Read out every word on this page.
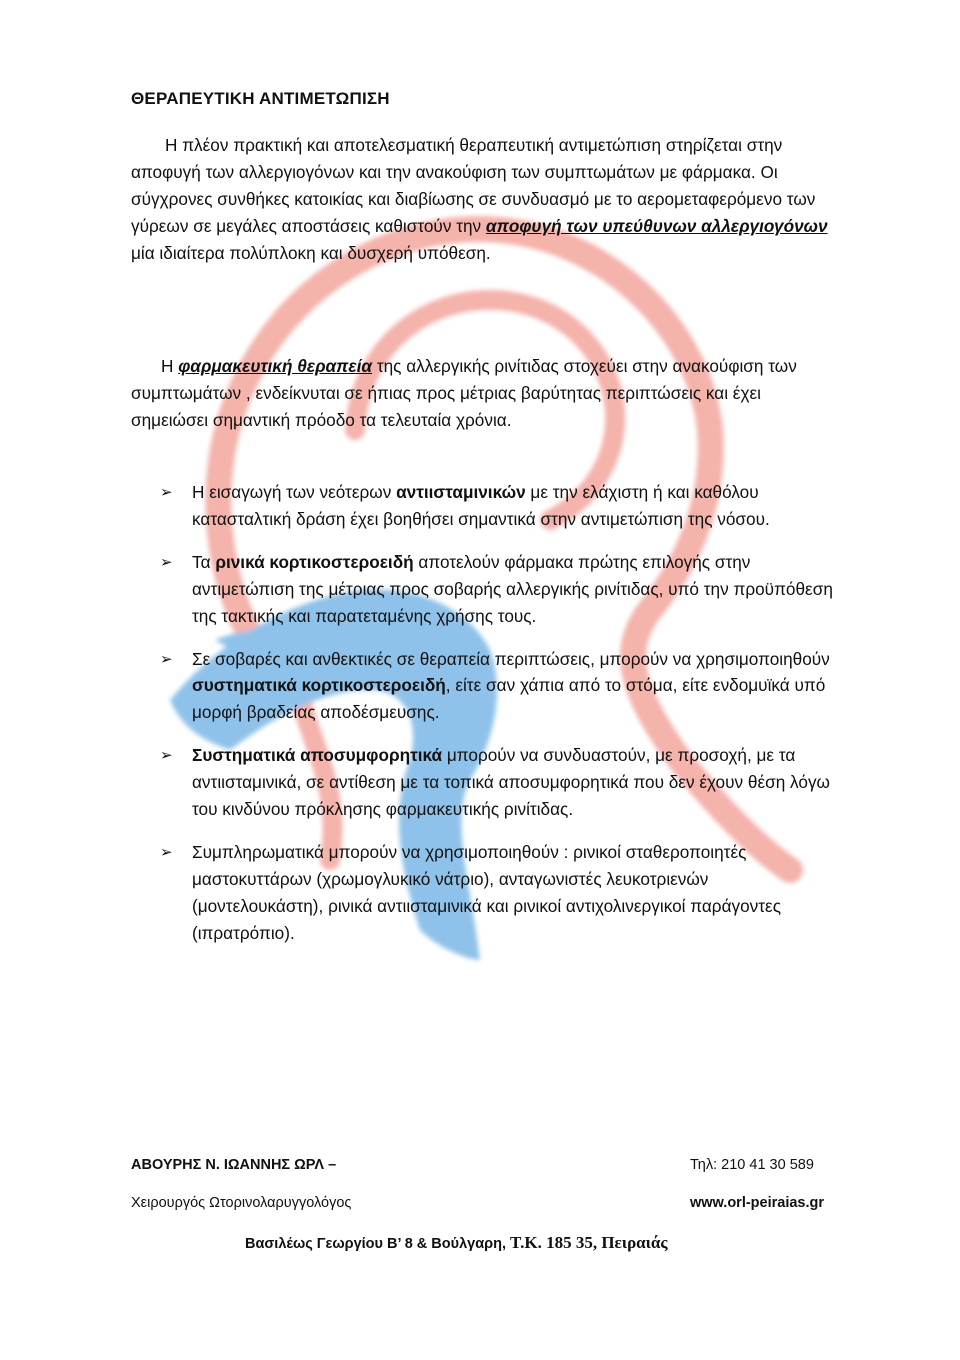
ΘΕΡΑΠΕΥΤΙΚΗ ΑΝΤΙΜΕΤΩΠΙΣΗ

Η πλέον πρακτική και αποτελεσματική θεραπευτική αντιμετώπιση στηρίζεται στην αποφυγή των αλλεργιογόνων και την ανακούφιση των συμπτωμάτων με φάρμακα. Οι σύγχρονες συνθήκες κατοικίας και διαβίωσης σε συνδυασμό με το αερομεταφερόμενο των γύρεων σε μεγάλες αποστάσεις καθιστούν την αποφυγή των υπεύθυνων αλλεργιογόνων μία ιδιαίτερα πολύπλοκη και δυσχερή υπόθεση.

Η φαρμακευτική θεραπεία της αλλεργικής ρινίτιδας στοχεύει στην ανακούφιση των συμπτωμάτων , ενδείκνυται σε ήπιας προς μέτριας βαρύτητας περιπτώσεις και έχει σημειώσει σημαντική πρόοδο τα τελευταία χρόνια.

➢	Η εισαγωγή των νεότερων αντιισταμινικών με την ελάχιστη ή και καθόλου κατασταλτική δράση έχει βοηθήσει σημαντικά στην αντιμετώπιση της νόσου.
➢	Τα ρινικά κορτικοστεροειδή αποτελούν φάρμακα πρώτης επιλογής στην αντιμετώπιση της μέτριας προς σοβαρής αλλεργικής ρινίτιδας, υπό την προϋπόθεση της τακτικής και παρατεταμένης χρήσης τους.
➢	Σε σοβαρές και ανθεκτικές σε θεραπεία περιπτώσεις, μπορούν να χρησιμοποιηθούν συστηματικά κορτικοστεροειδή, είτε σαν χάπια από το στόμα, είτε ενδομυϊκά υπό μορφή βραδείας αποδέσμευσης.
➢	Συστηματικά αποσυμφορητικά μπορούν να συνδυαστούν, με προσοχή, με τα αντιισταμινικά, σε αντίθεση με τα τοπικά αποσυμφορητικά που δεν έχουν θέση λόγω του κινδύνου πρόκλησης φαρμακευτικής ρινίτιδας.
➢	Συμπληρωματικά μπορούν να χρησιμοποιηθούν : ρινικοί σταθεροποιητές μαστοκυττάρων (χρωμογλυκικό νάτριο), ανταγωνιστές λευκοτριενών (μοντελουκάστη), ρινικά αντιισταμινικά και ρινικοί αντιχολινεργικοί παράγοντες (ιπρατρόπιο).

ΑΒΟΥΡΗΣ Ν. ΙΩΑΝΝΗΣ ΩΡΛ –	Τηλ: 210 41 30 589

Χειρουργός Ωτορινολαρυγγολόγος	www.orl-peiraias.gr

Βασιλέως Γεωργίου Β’ 8 & Βούλγαρη, Τ.Κ. 185 35, Πειραιάς
